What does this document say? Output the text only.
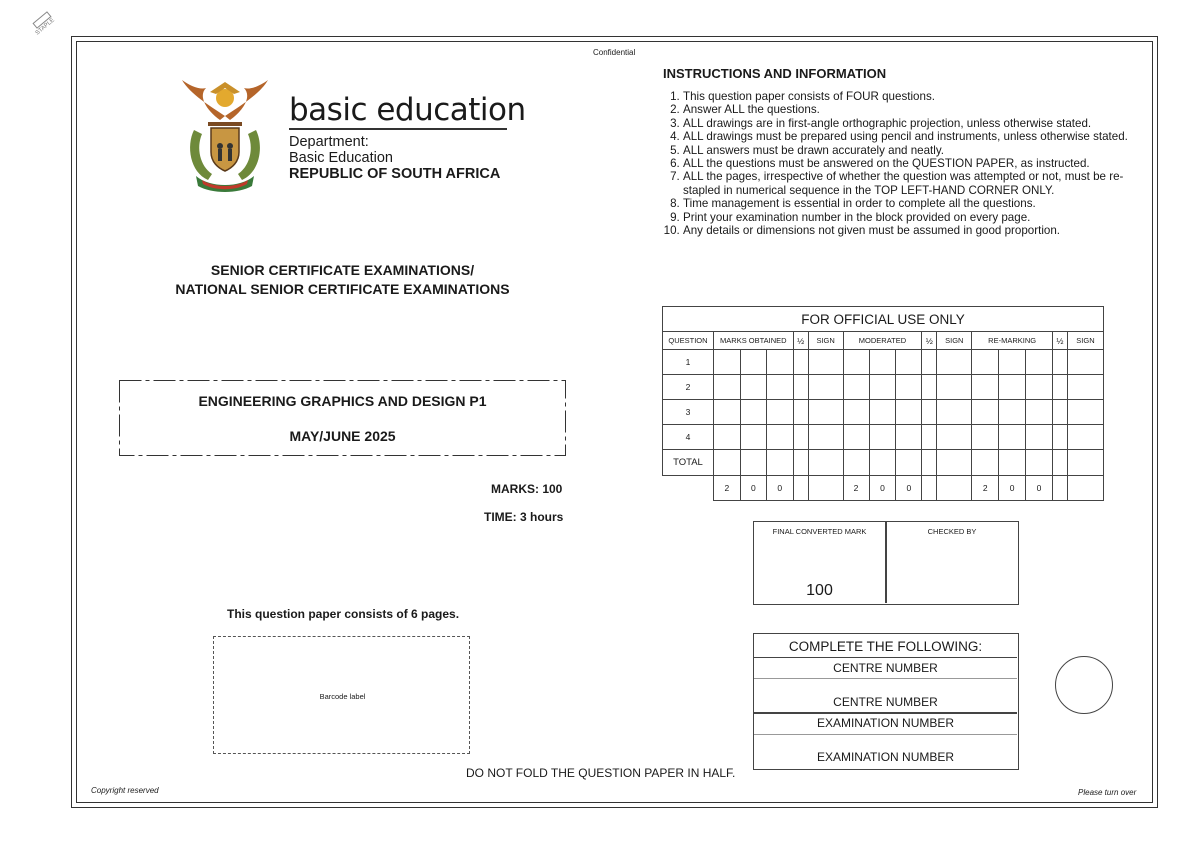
STAPLE
Confidential
basic education
Department:
Basic Education
REPUBLIC OF SOUTH AFRICA
SENIOR CERTIFICATE EXAMINATIONS/
NATIONAL SENIOR CERTIFICATE EXAMINATIONS
ENGINEERING GRAPHICS AND DESIGN P1
MAY/JUNE 2025
MARKS: 100
TIME: 3 hours
This question paper consists of 6 pages.
Barcode label
DO NOT FOLD THE QUESTION PAPER IN HALF.
Copyright reserved	Please turn over
INSTRUCTIONS AND INFORMATION
1. This question paper consists of FOUR questions.
2. Answer ALL the questions.
3. ALL drawings are in first-angle orthographic projection, unless otherwise stated.
4. ALL drawings must be prepared using pencil and instruments, unless otherwise stated.
5. ALL answers must be drawn accurately and neatly.
6. ALL the questions must be answered on the QUESTION PAPER, as instructed.
7. ALL the pages, irrespective of whether the question was attempted or not, must be re-stapled in numerical sequence in the TOP LEFT-HAND CORNER ONLY.
8. Time management is essential in order to complete all the questions.
9. Print your examination number in the block provided on every page.
10. Any details or dimensions not given must be assumed in good proportion.
FOR OFFICIAL USE ONLY															
QUESTION	MARKS OBTAINED			½	SIGN	MODERATED			½	SIGN	RE-MARKING			½	SIGN
1															
2															
3															
4															
TOTAL															
	2	0	0			2	0	0			2	0	0		
FINAL CONVERTED MARK
100
CHECKED BY
COMPLETE THE FOLLOWING:
CENTRE NUMBER
CENTRE NUMBER
EXAMINATION NUMBER
EXAMINATION NUMBER
